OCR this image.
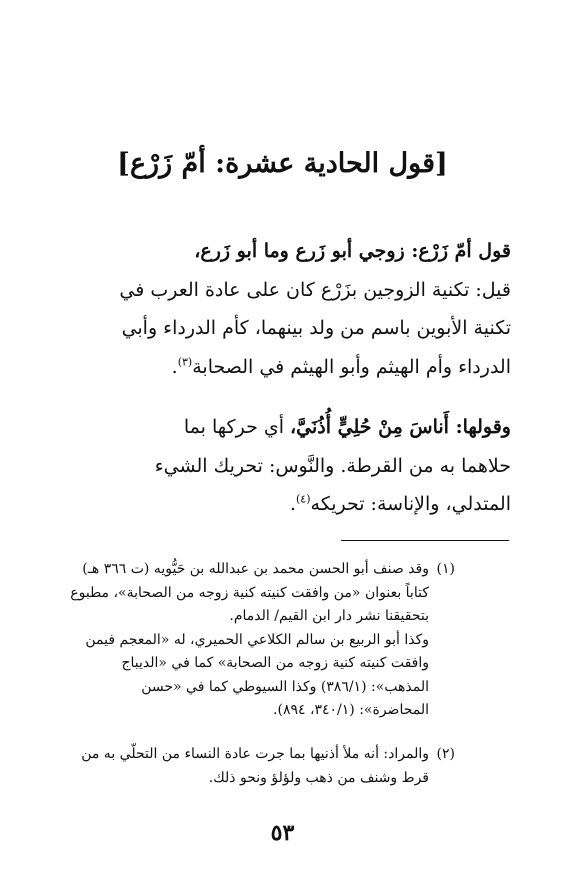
[قول الحادية عشرة: أمّ زَرْع]
قول أمّ زَرْع: زوجي أبو زَرع وما أبو زَرع،
قيل: تكنية الزوجين بزَرْع كان على عادة العرب في
تكنية الأبوين باسم من ولد بينهما، كأم الدرداء وأبي
الدرداء وأم الهيثم وأبو الهيثم في الصحابة$^{(٣)}$.
وقولها: أَناسَ مِنْ حُلِيٍّ أُذُنَيَّ، أي حركها بما
حلاهما به من القرطة. والنَّوس: تحريك الشيء
المتدلي، والإناسة: تحريكه$^{(٤)}$.
(١)
وقد صنف أبو الحسن محمد بن عبدالله بن حَيُّويه (ت ٣٦٦ هـ)
كتاباً بعنوان «من وافقت كنيته كنية زوجه من الصحابة»، مطبوع
بتحقيقنا نشر دار ابن القيم/ الدمام.
وكذا أبو الربيع بن سالم الكلاعي الحميري، له «المعجم فيمن
وافقت كنيته كنية زوجه من الصحابة» كما في «الديباج
المذهب»: (٣٨٦/١) وكذا السيوطي كما في «حسن
المحاضرة»: (٣٤٠/١، ٨٩٤).
(٢)
والمراد: أنه ملأ أذنيها بما جرت عادة النساء من التحلّي به من
قرط وشنف من ذهب ولؤلؤ ونحو ذلك.
٥٣
